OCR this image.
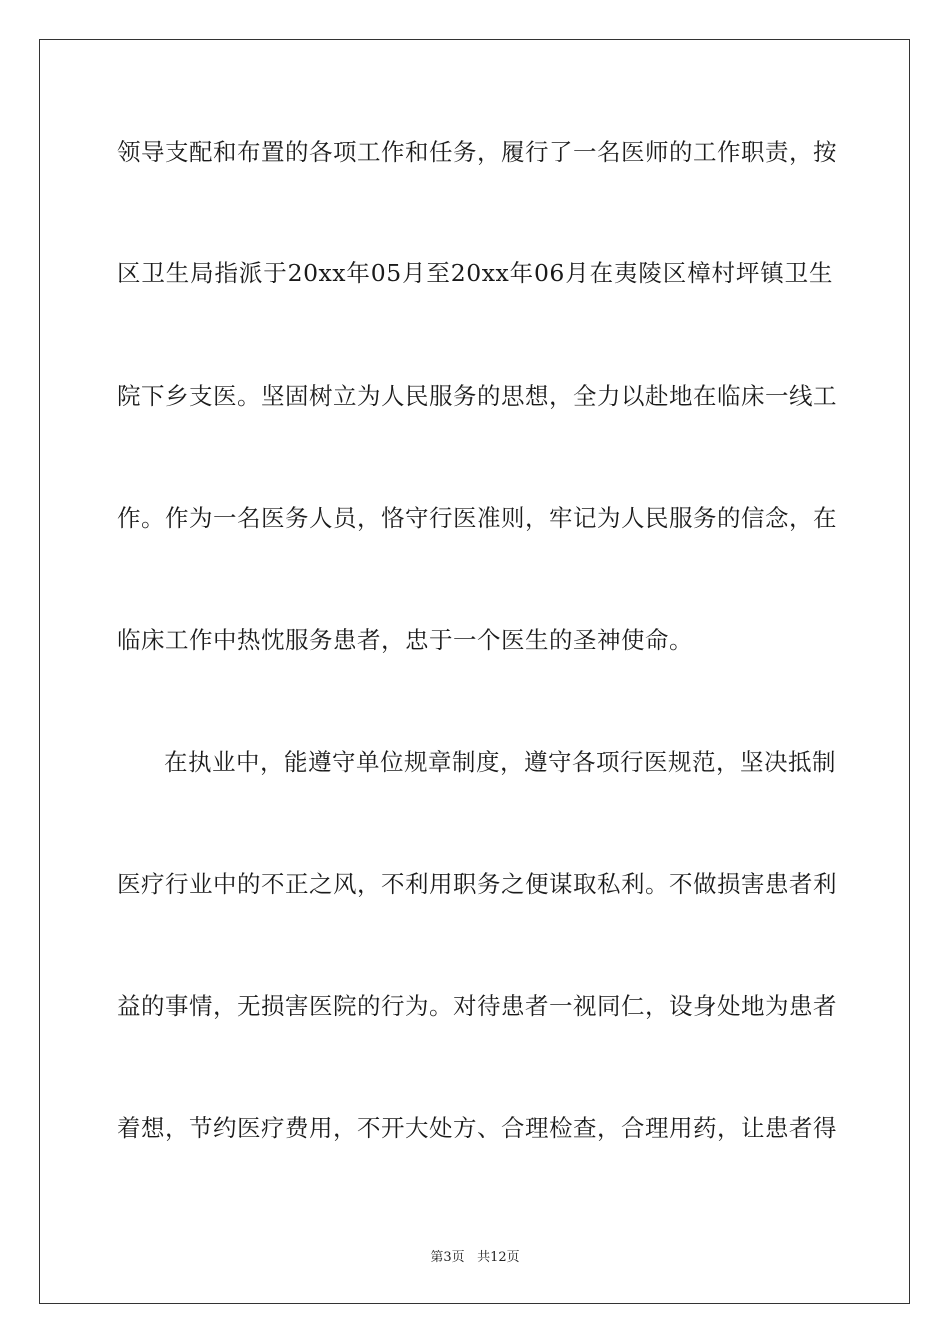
领导支配和布置的各项工作和任务，履行了一名医师的工作职责，按
区卫生局指派于20xx年05月至20xx年06月在夷陵区樟村坪镇卫生
院下乡支医。坚固树立为人民服务的思想，全力以赴地在临床一线工
作。作为一名医务人员，恪守行医准则，牢记为人民服务的信念，在
临床工作中热忱服务患者，忠于一个医生的圣神使命。
在执业中，能遵守单位规章制度，遵守各项行医规范，坚决抵制
医疗行业中的不正之风，不利用职务之便谋取私利。不做损害患者利
益的事情，无损害医院的行为。对待患者一视同仁，设身处地为患者
着想，节约医疗费用，不开大处方、合理检查，合理用药，让患者得
第3页 共12页
